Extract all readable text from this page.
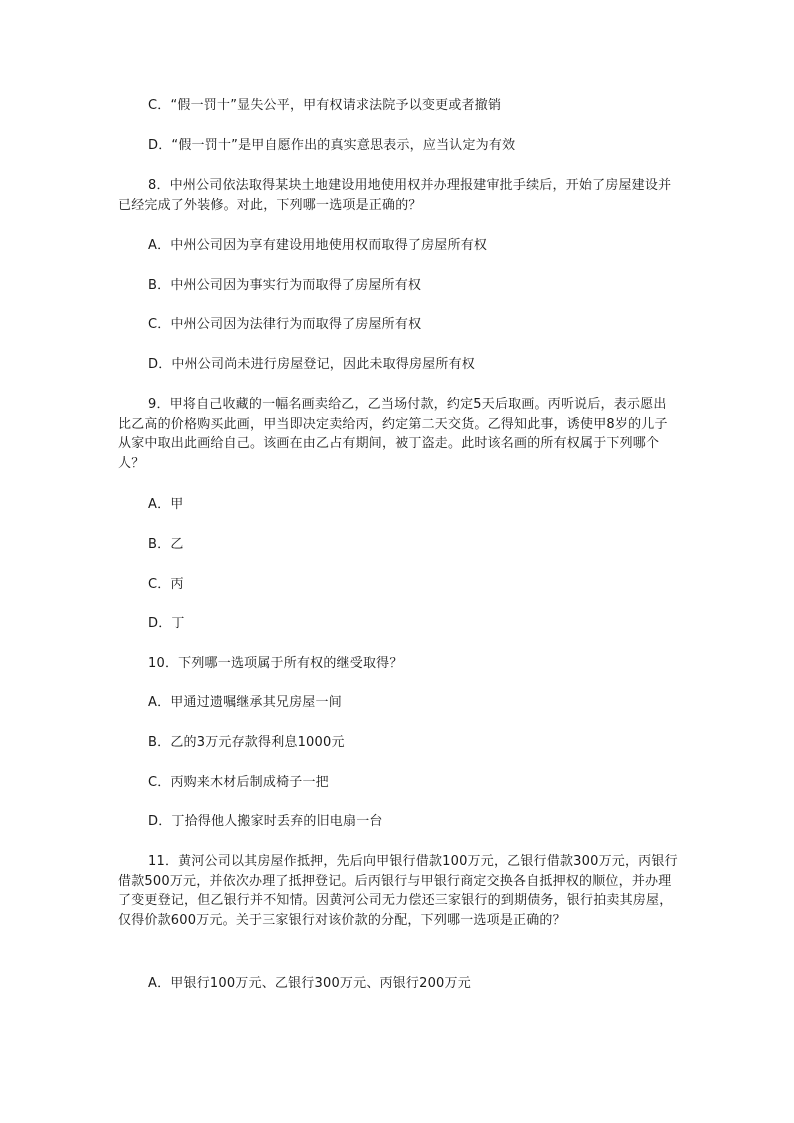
C．“假一罚十”显失公平，甲有权请求法院予以变更或者撤销
D．“假一罚十”是甲自愿作出的真实意思表示，应当认定为有效
8．中州公司依法取得某块土地建设用地使用权并办理报建审批手续后，开始了房屋建设并已经完成了外装修。对此，下列哪一选项是正确的？
A．中州公司因为享有建设用地使用权而取得了房屋所有权
B．中州公司因为事实行为而取得了房屋所有权
C．中州公司因为法律行为而取得了房屋所有权
D．中州公司尚未进行房屋登记，因此未取得房屋所有权
9．甲将自己收藏的一幅名画卖给乙，乙当场付款，约定5天后取画。丙听说后，表示愿出比乙高的价格购买此画，甲当即决定卖给丙，约定第二天交货。乙得知此事，诱使甲8岁的儿子从家中取出此画给自己。该画在由乙占有期间，被丁盗走。此时该名画的所有权属于下列哪个人？
A．甲
B．乙
C．丙
D．丁
10．下列哪一选项属于所有权的继受取得？
A．甲通过遗嘱继承其兄房屋一间
B．乙的3万元存款得利息1000元
C．丙购来木材后制成椅子一把
D．丁拾得他人搬家时丢弃的旧电扇一台
11．黄河公司以其房屋作抵押，先后向甲银行借款100万元，乙银行借款300万元，丙银行借款500万元，并依次办理了抵押登记。后丙银行与甲银行商定交换各自抵押权的顺位，并办理了变更登记，但乙银行并不知情。因黄河公司无力偿还三家银行的到期债务，银行拍卖其房屋，仅得价款600万元。关于三家银行对该价款的分配，下列哪一选项是正确的？
A．甲银行100万元、乙银行300万元、丙银行200万元
